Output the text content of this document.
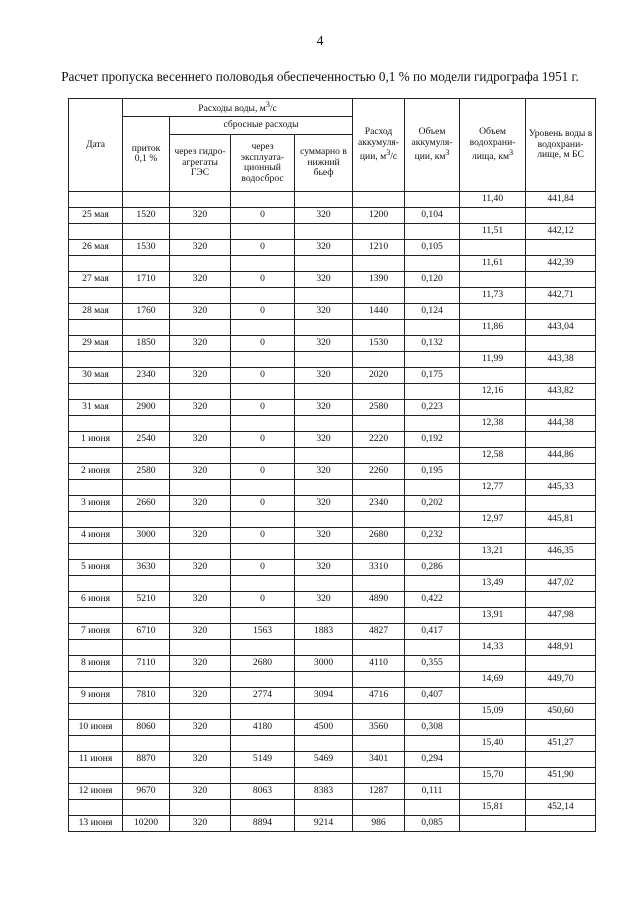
4
Расчет пропуска весеннего половодья обеспеченностью 0,1 % по модели гидрографа 1951 г.
Дата	Расходы воды, $м^3/с$				Расход аккумуля-ции, $м^3/с$	Объем аккумуля-ции, $км^3$	Объем водохрани-лища, $км^3$	Уровень воды в водохрани-лище, м БС
	приток 0,1 %	сбросные расходы						
		через гидро-агрегаты ГЭС	через эксплуата-ционный водосброс	суммарно в нижний бьеф				
							11,40	441,84
25 мая	1520	320	0	320	1200	0,104		
							11,51	442,12
26 мая	1530	320	0	320	1210	0,105		
							11,61	442,39
27 мая	1710	320	0	320	1390	0,120		
							11,73	442,71
28 мая	1760	320	0	320	1440	0,124		
							11,86	443,04
29 мая	1850	320	0	320	1530	0,132		
							11,99	443,38
30 мая	2340	320	0	320	2020	0,175		
							12,16	443,82
31 мая	2900	320	0	320	2580	0,223		
							12,38	444,38
1 июня	2540	320	0	320	2220	0,192		
							12,58	444,86
2 июня	2580	320	0	320	2260	0,195		
							12,77	445,33
3 июня	2660	320	0	320	2340	0,202		
							12,97	445,81
4 июня	3000	320	0	320	2680	0,232		
							13,21	446,35
5 июня	3630	320	0	320	3310	0,286		
							13,49	447,02
6 июня	5210	320	0	320	4890	0,422		
							13,91	447,98
7 июня	6710	320	1563	1883	4827	0,417		
							14,33	448,91
8 июня	7110	320	2680	3000	4110	0,355		
							14,69	449,70
9 июня	7810	320	2774	3094	4716	0,407		
							15,09	450,60
10 июня	8060	320	4180	4500	3560	0,308		
							15,40	451,27
11 июня	8870	320	5149	5469	3401	0,294		
							15,70	451,90
12 июня	9670	320	8063	8383	1287	0,111		
							15,81	452,14
13 июня	10200	320	8894	9214	986	0,085		
